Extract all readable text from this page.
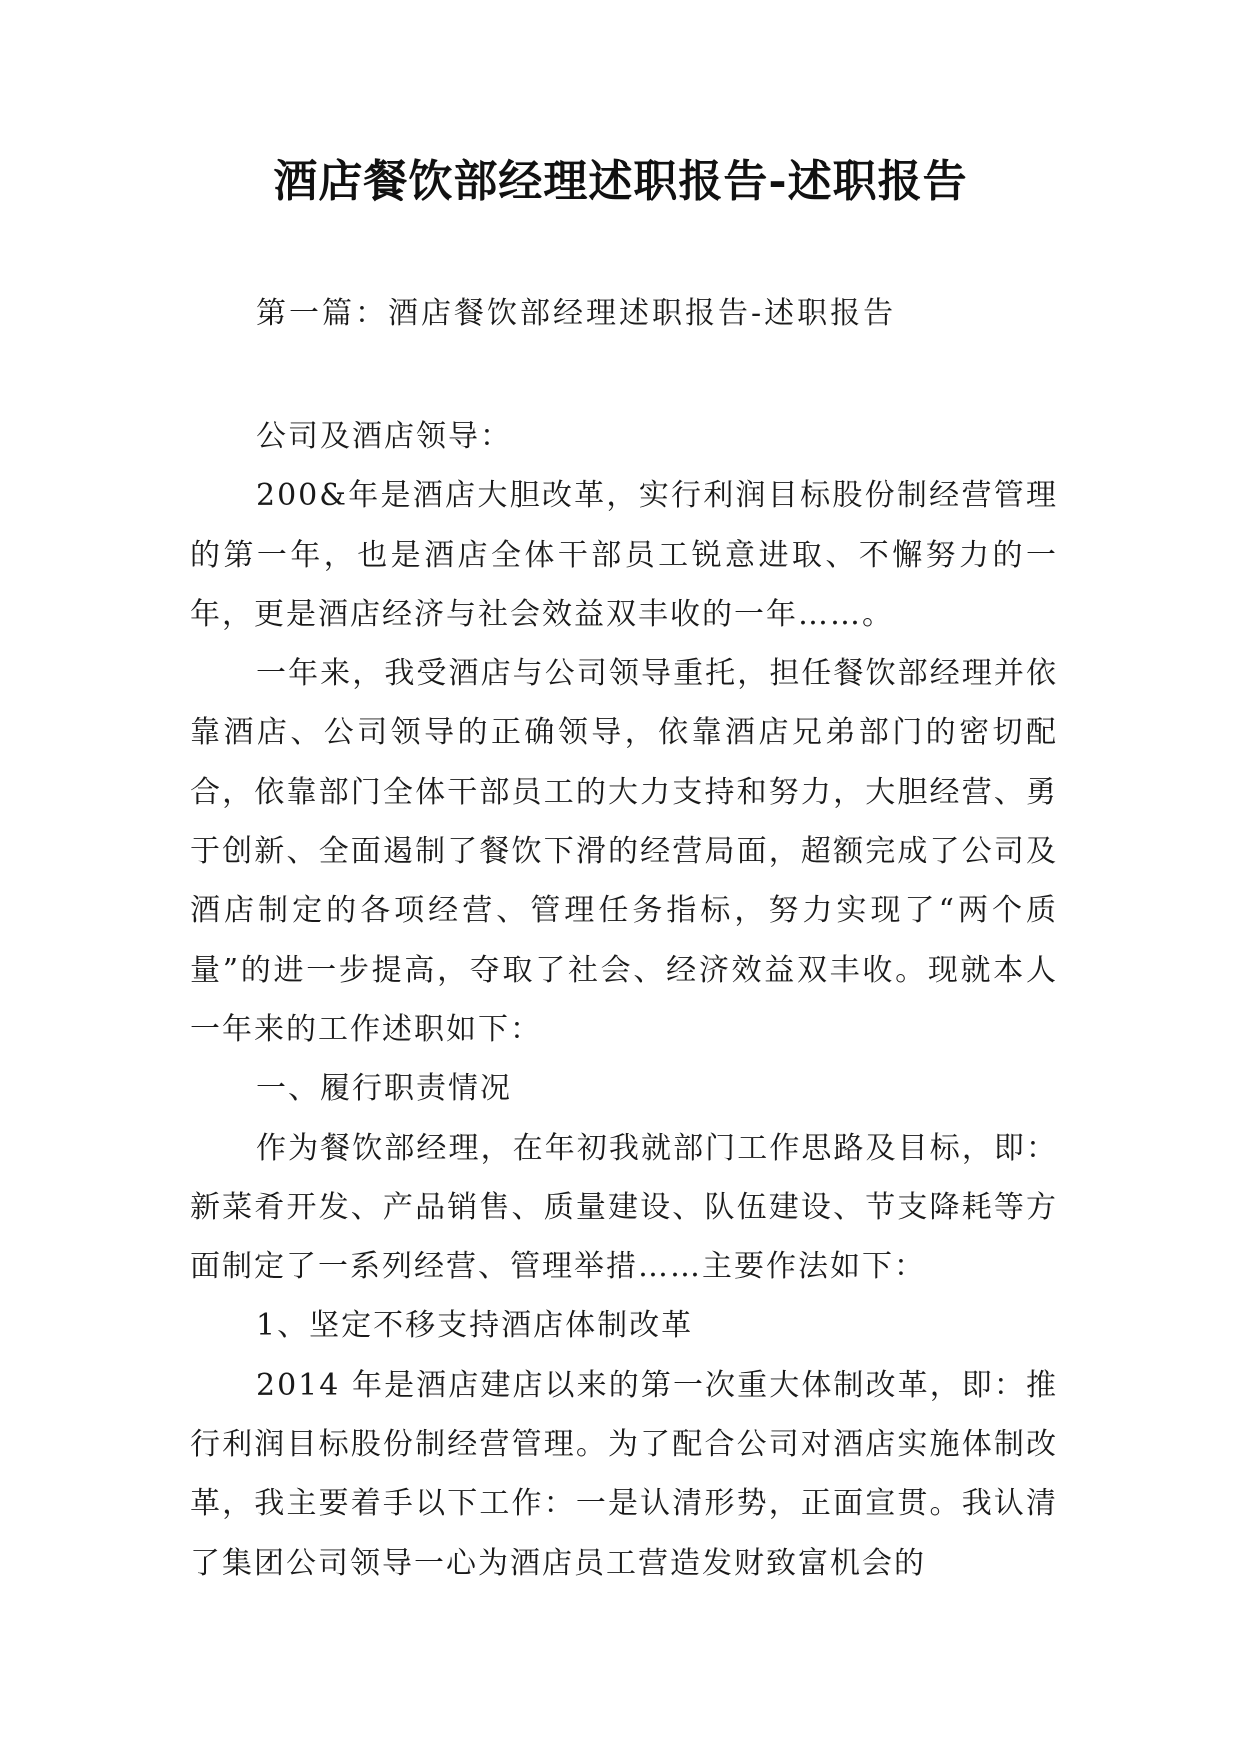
酒店餐饮部经理述职报告-述职报告
第一篇：酒店餐饮部经理述职报告-述职报告

公司及酒店领导：

200&年是酒店大胆改革，实行利润目标股份制经营管理的第一年，也是酒店全体干部员工锐意进取、不懈努力的一年，更是酒店经济与社会效益双丰收的一年……。

一年来，我受酒店与公司领导重托，担任餐饮部经理并依靠酒店、公司领导的正确领导，依靠酒店兄弟部门的密切配合，依靠部门全体干部员工的大力支持和努力，大胆经营、勇于创新、全面遏制了餐饮下滑的经营局面，超额完成了公司及酒店制定的各项经营、管理任务指标，努力实现了“两个质量”的进一步提高，夺取了社会、经济效益双丰收。现就本人一年来的工作述职如下：

一、履行职责情况

作为餐饮部经理，在年初我就部门工作思路及目标，即：新菜肴开发、产品销售、质量建设、队伍建设、节支降耗等方面制定了一系列经营、管理举措……主要作法如下：

1、坚定不移支持酒店体制改革

2014 年是酒店建店以来的第一次重大体制改革，即：推行利润目标股份制经营管理。为了配合公司对酒店实施体制改革，我主要着手以下工作：一是认清形势，正面宣贯。我认清了集团公司领导一心为酒店员工营造发财致富机会的
